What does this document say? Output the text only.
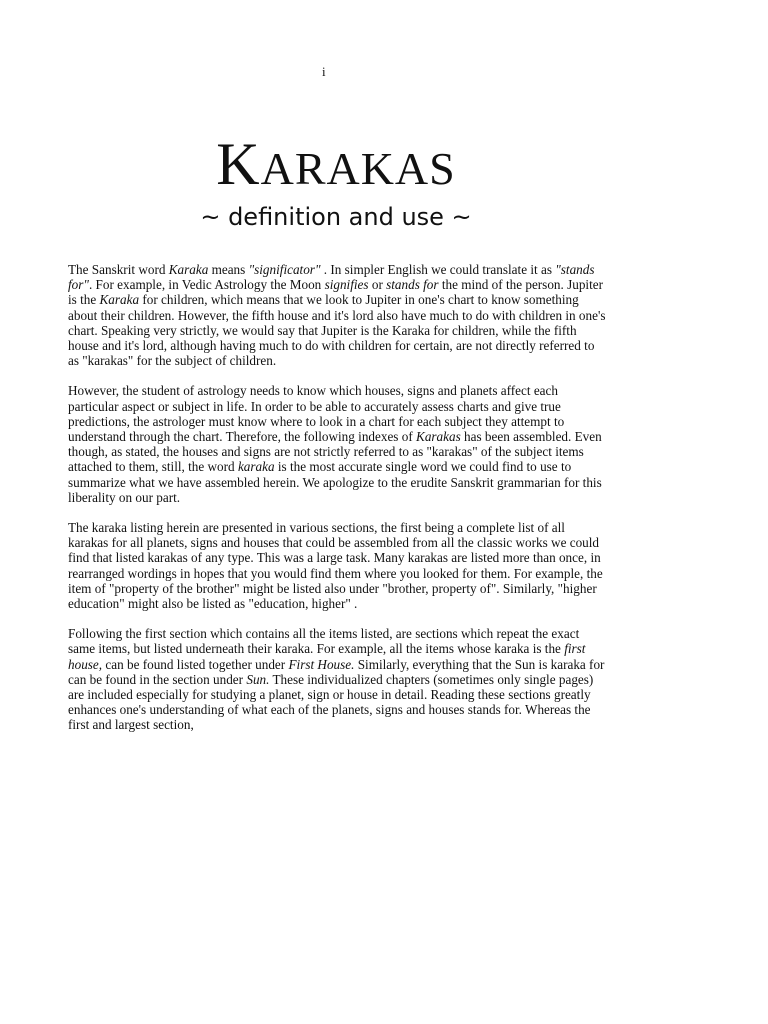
i
KARAKAS
~ definition and use ~

The Sanskrit word Karaka means "significator" . In simpler English we could translate it as "stands for". For example, in Vedic Astrology the Moon signifies or stands for the mind of the person. Jupiter is the Karaka for children, which means that we look to Jupiter in one's chart to know something about their children. However, the fifth house and it's lord also have much to do with children in one's chart. Speaking very strictly, we would say that Jupiter is the Karaka for children, while the fifth house and it's lord, although having much to do with children for certain, are not directly referred to as "karakas" for the subject of children.

However, the student of astrology needs to know which houses, signs and planets affect each particular aspect or subject in life. In order to be able to accurately assess charts and give true predictions, the astrologer must know where to look in a chart for each subject they attempt to understand through the chart. Therefore, the following indexes of Karakas has been assembled. Even though, as stated, the houses and signs are not strictly referred to as "karakas" of the subject items attached to them, still, the word karaka is the most accurate single word we could find to use to summarize what we have assembled herein. We apologize to the erudite Sanskrit grammarian for this liberality on our part.

The karaka listing herein are presented in various sections, the first being a complete list of all karakas for all planets, signs and houses that could be assembled from all the classic works we could find that listed karakas of any type. This was a large task. Many karakas are listed more than once, in rearranged wordings in hopes that you would find them where you looked for them. For example, the item of "property of the brother" might be listed also under "brother, property of". Similarly, "higher education" might also be listed as "education, higher" .

Following the first section which contains all the items listed, are sections which repeat the exact same items, but listed underneath their karaka. For example, all the items whose karaka is the first house, can be found listed together under First House. Similarly, everything that the Sun is karaka for can be found in the section under Sun. These individualized chapters (sometimes only single pages) are included especially for studying a planet, sign or house in detail. Reading these sections greatly enhances one's understanding of what each of the planets, signs and houses stands for. Whereas the first and largest section,
